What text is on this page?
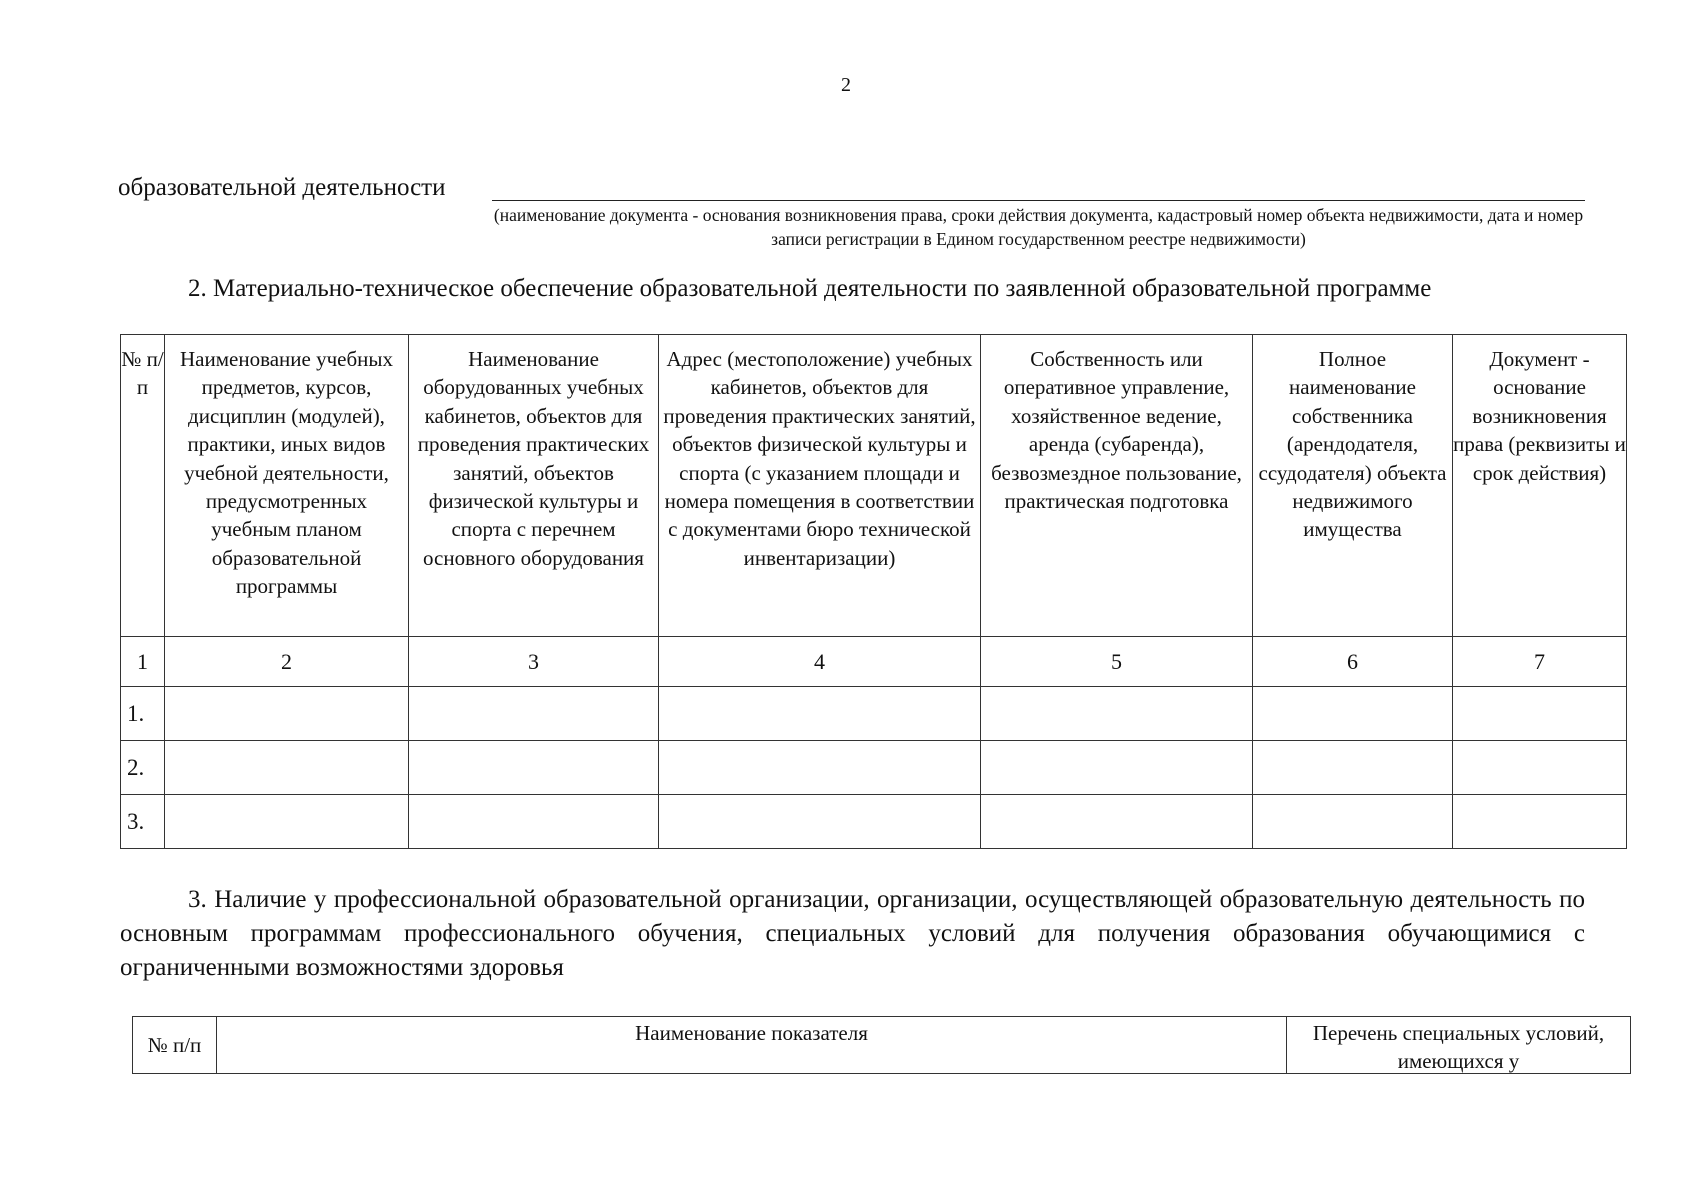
2
образовательной деятельности
(наименование документа - основания возникновения права, сроки действия документа, кадастровый номер объекта недвижимости, дата и номер записи регистрации в Едином государственном реестре недвижимости)
2. Материально-техническое обеспечение образовательной деятельности по заявленной образовательной программе
№ п/п	Наименование учебных предметов, курсов, дисциплин (модулей), практики, иных видов учебной деятельности, предусмотренных учебным планом образовательной программы	Наименование оборудованных учебных кабинетов, объектов для проведения практических занятий, объектов физической культуры и спорта с перечнем основного оборудования	Адрес (местоположение) учебных кабинетов, объектов для проведения практических занятий, объектов физической культуры и спорта (с указанием площади и номера помещения в соответствии с документами бюро технической инвентаризации)	Собственность или оперативное управление, хозяйственное ведение, аренда (субаренда), безвозмездное пользование, практическая подготовка	Полное наименование собственника (арендодателя, ссудодателя) объекта недвижимого имущества	Документ - основание возникновения права (реквизиты и срок действия)
1	2	3	4	5	6	7
1.						
2.						
3.						
3. Наличие у профессиональной образовательной организации, организации, осуществляющей образовательную деятельность по основным программам профессионального обучения, специальных условий для получения образования обучающимися с ограниченными возможностями здоровья
№ п/п	Наименование показателя	Перечень специальных условий, имеющихся у
